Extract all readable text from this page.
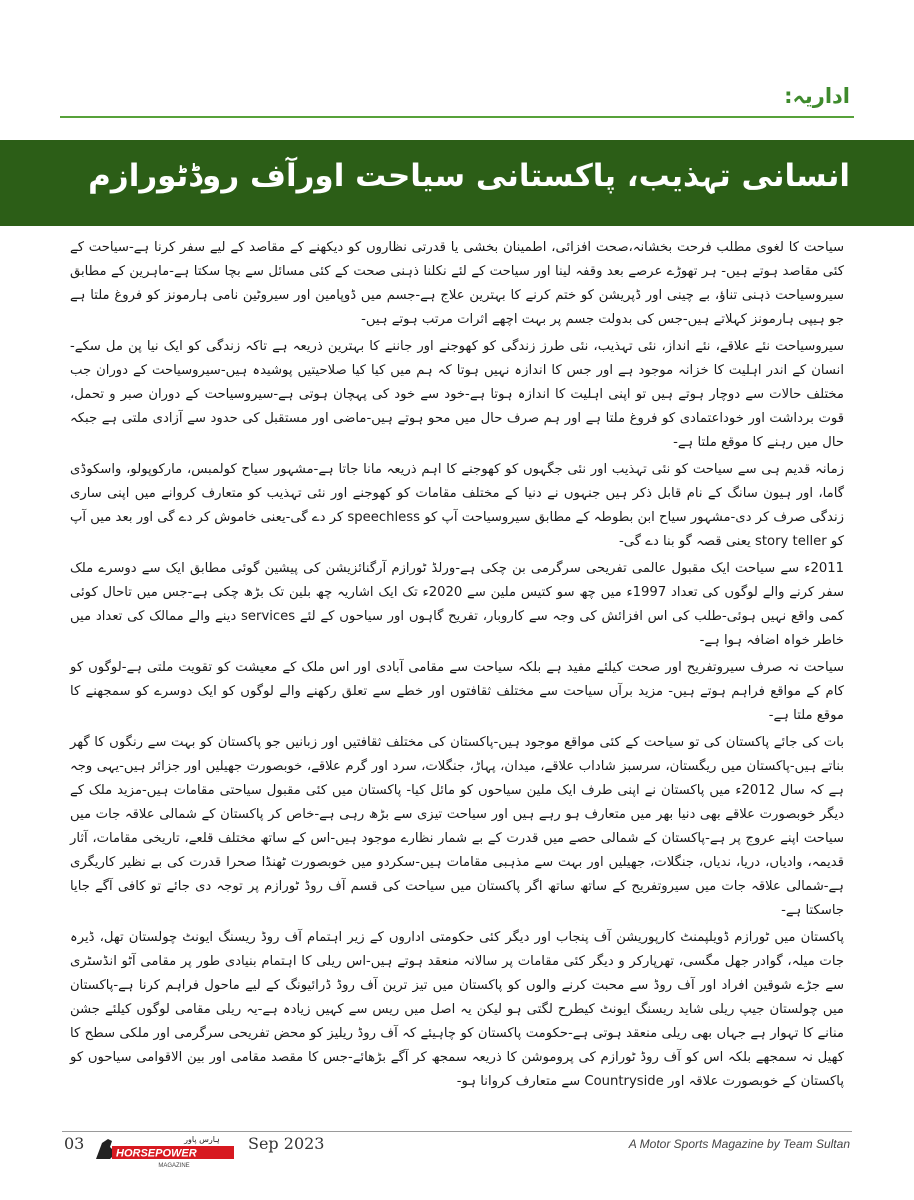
اداریہ:
انسانی تہذیب، پاکستانی سیاحت اورآف روڈٹورازم

سیاحت کا لغوی مطلب فرحت بخشانہ،صحت افزائی، اطمینان بخشی یا قدرتی نظاروں کو دیکھنے کے مقاصد کے لیے سفر کرنا ہے-سیاحت کے کئی مقاصد ہوتے ہیں- ہر تھوڑے عرصے بعد وقفہ لینا اور سیاحت کے لئے نکلنا ذہنی صحت کے کئی مسائل سے بچا سکتا ہے-ماہرین کے مطابق سیروسیاحت ذہنی تناؤ، بے چینی اور ڈپریشن کو ختم کرنے کا بہترین علاج ہے-جسم میں ڈوپامین اور سیروٹین نامی ہارمونز کو فروغ ملتا ہے جو ہیپی ہارمونز کہلاتے ہیں-جس کی بدولت جسم پر بہت اچھے اثرات مرتب ہوتے ہیں-

سیروسیاحت نئے علاقے، نئے انداز، نئی تہذیب، نئی طرز زندگی کو کھوجنے اور جاننے کا بہترین ذریعہ ہے تاکہ زندگی کو ایک نیا پن مل سکے-انسان کے اندر اہلیت کا خزانہ موجود ہے اور جس کا اندازہ نہیں ہوتا کہ ہم میں کیا کیا صلاحیتیں پوشیدہ ہیں-سیروسیاحت کے دوران جب مختلف حالات سے دوچار ہوتے ہیں تو اپنی اہلیت کا اندازہ ہوتا ہے-خود سے خود کی پہچان ہوتی ہے-سیروسیاحت کے دوران صبر و تحمل، قوت برداشت اور خوداعتمادی کو فروغ ملتا ہے اور ہم صرف حال میں محو ہوتے ہیں-ماضی اور مستقبل کی حدود سے آزادی ملتی ہے جبکہ حال میں رہنے کا موقع ملتا ہے-

زمانہ قدیم ہی سے سیاحت کو نئی تہذیب اور نئی جگہوں کو کھوجنے کا اہم ذریعہ مانا جاتا ہے-مشہور سیاح کولمبس، مارکوپولو، واسکوڈی گاما، اور ہیون سانگ کے نام قابل ذکر ہیں جنہوں نے دنیا کے مختلف مقامات کو کھوجنے اور نئی تہذیب کو متعارف کروانے میں اپنی ساری زندگی صرف کر دی-مشہور سیاح ابن بطوطہ کے مطابق سیروسیاحت آپ کو speechless کر دے گی-یعنی خاموش کر دے گی اور بعد میں آپ کو story teller یعنی قصہ گو بنا دے گی-

2011ء سے سیاحت ایک مقبول عالمی تفریحی سرگرمی بن چکی ہے-ورلڈ ٹورازم آرگنائزیشن کی پیشین گوئی مطابق ایک سے دوسرے ملک سفر کرنے والے لوگوں کی تعداد 1997ء میں چھ سو کتیس ملین سے 2020ء تک ایک اشاریہ چھ بلین تک بڑھ چکی ہے-جس میں تاحال کوئی کمی واقع نہیں ہوئی-طلب کی اس افزائش کی وجہ سے کاروبار، تفریح گاہوں اور سیاحوں کے لئے services دینے والے ممالک کی تعداد میں خاطر خواہ اضافہ ہوا ہے-

سیاحت نہ صرف سیروتفریح اور صحت کیلئے مفید ہے بلکہ سیاحت سے مقامی آبادی اور اس ملک کے معیشت کو تقویت ملتی ہے-لوگوں کو کام کے مواقع فراہم ہوتے ہیں- مزید برآں سیاحت سے مختلف ثقافتوں اور خطے سے تعلق رکھنے والے لوگوں کو ایک دوسرے کو سمجھنے کا موقع ملتا ہے-

بات کی جائے پاکستان کی تو سیاحت کے کئی مواقع موجود ہیں-پاکستان کی مختلف ثقافتیں اور زبانیں جو پاکستان کو بہت سے رنگوں کا گھر بناتے ہیں-پاکستان میں ریگستان، سرسبز شاداب علاقے، میدان، پہاڑ، جنگلات، سرد اور گرم علاقے، خوبصورت جھیلیں اور جزائر ہیں-یہی وجہ ہے کہ سال 2012ء میں پاکستان نے اپنی طرف ایک ملین سیاحوں کو مائل کیا- پاکستان میں کئی مقبول سیاحتی مقامات ہیں-مزید ملک کے دیگر خوبصورت علاقے بھی دنیا بھر میں متعارف ہو رہے ہیں اور سیاحت تیزی سے بڑھ رہی ہے-خاص کر پاکستان کے شمالی علاقہ جات میں سیاحت اپنے عروج پر ہے-پاکستان کے شمالی حصے میں قدرت کے بے شمار نظارے موجود ہیں-اس کے ساتھ مختلف قلعے، تاریخی مقامات، آثار قدیمہ، وادیاں، دریا، ندیاں، جنگلات، جھیلیں اور بہت سے مذہبی مقامات ہیں-سکردو میں خوبصورت ٹھنڈا صحرا قدرت کی بے نظیر کاریگری ہے-شمالی علاقہ جات میں سیروتفریح کے ساتھ ساتھ اگر پاکستان میں سیاحت کی قسم آف روڈ ٹورازم پر توجہ دی جائے تو کافی آگے جایا جاسکتا ہے-

پاکستان میں ٹورازم ڈویلپمنٹ کارپوریشن آف پنجاب اور دیگر کئی حکومتی اداروں کے زیر اہتمام آف روڈ ریسنگ ایونٹ چولستان تھل، ڈیرہ جات میلہ، گوادر جھل مگسی، تھرپارکر و دیگر کئی مقامات پر سالانہ منعقد ہوتے ہیں-اس ریلی کا اہتمام بنیادی طور پر مقامی آٹو انڈسٹری سے جڑے شوقین افراد اور آف روڈ سے محبت کرنے والوں کو پاکستان میں تیز ترین آف روڈ ڈرائیونگ کے لیے ماحول فراہم کرنا ہے-پاکستان میں چولستان جیپ ریلی شاید ریسنگ ایونٹ کیطرح لگتی ہو لیکن یہ اصل میں ریس سے کہیں زیادہ ہے-یہ ریلی مقامی لوگوں کیلئے جشن منانے کا تہوار ہے جہاں بھی ریلی منعقد ہوتی ہے-حکومت پاکستان کو چاہیئے کہ آف روڈ ریلیز کو محض تفریحی سرگرمی اور ملکی سطح کا کھیل نہ سمجھے بلکہ اس کو آف روڈ ٹورازم کی پروموشن کا ذریعہ سمجھ کر آگے بڑھائے-جس کا مقصد مقامی اور بین الاقوامی سیاحوں کو پاکستان کے خوبصورت علاقہ اور Countryside سے متعارف کروانا ہو-

03
HORSEPOWER
ہارس پاور
MAGAZINE
Sep 2023	A Motor Sports Magazine by Team Sultan
